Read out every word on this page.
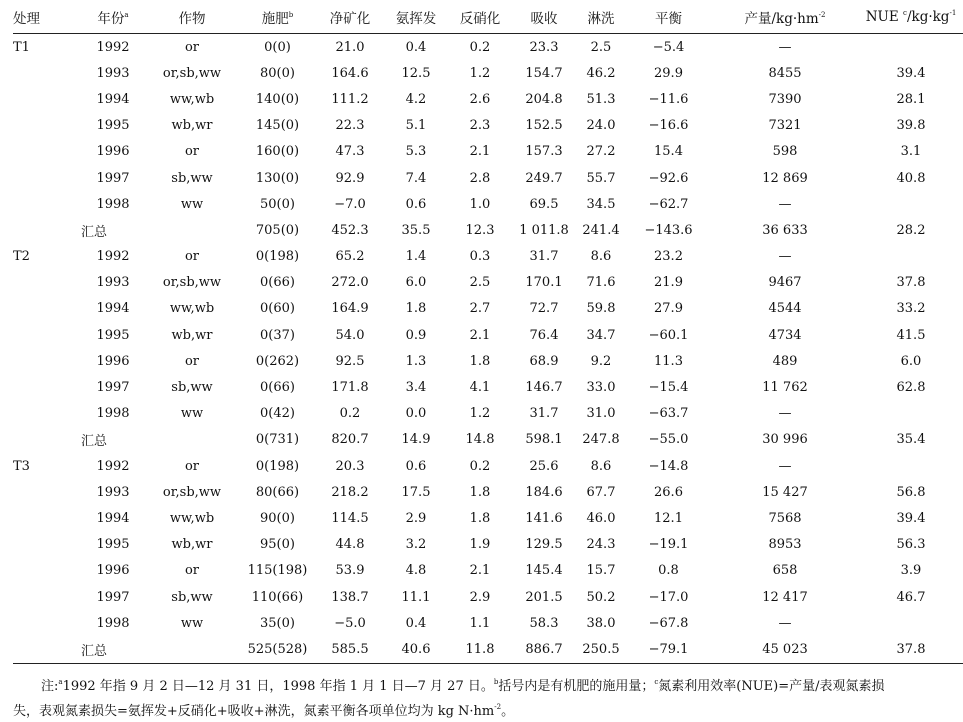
处理	年份$^a$	作物	施肥$^b$	净矿化	氨挥发	反硝化	吸收	淋洗	平衡	产量$/kg\cdot hm^{-2}$	NUE $^c/kg\cdot kg^{-1}$
T1	1992	or	0(0)	21.0	0.4	0.2	23.3	2.5	−5.4	—	
	1993	or,sb,ww	80(0)	164.6	12.5	1.2	154.7	46.2	29.9	8455	39.4
	1994	ww,wb	140(0)	111.2	4.2	2.6	204.8	51.3	−11.6	7390	28.1
	1995	wb,wr	145(0)	22.3	5.1	2.3	152.5	24.0	−16.6	7321	39.8
	1996	or	160(0)	47.3	5.3	2.1	157.3	27.2	15.4	598	3.1
	1997	sb,ww	130(0)	92.9	7.4	2.8	249.7	55.7	−92.6	12 869	40.8
	1998	ww	50(0)	−7.0	0.6	1.0	69.5	34.5	−62.7	—	
	汇总		705(0)	452.3	35.5	12.3	1 011.8	241.4	−143.6	36 633	28.2
T2	1992	or	0(198)	65.2	1.4	0.3	31.7	8.6	23.2	—	
	1993	or,sb,ww	0(66)	272.0	6.0	2.5	170.1	71.6	21.9	9467	37.8
	1994	ww,wb	0(60)	164.9	1.8	2.7	72.7	59.8	27.9	4544	33.2
	1995	wb,wr	0(37)	54.0	0.9	2.1	76.4	34.7	−60.1	4734	41.5
	1996	or	0(262)	92.5	1.3	1.8	68.9	9.2	11.3	489	6.0
	1997	sb,ww	0(66)	171.8	3.4	4.1	146.7	33.0	−15.4	11 762	62.8
	1998	ww	0(42)	0.2	0.0	1.2	31.7	31.0	−63.7	—	
	汇总		0(731)	820.7	14.9	14.8	598.1	247.8	−55.0	30 996	35.4
T3	1992	or	0(198)	20.3	0.6	0.2	25.6	8.6	−14.8	—	
	1993	or,sb,ww	80(66)	218.2	17.5	1.8	184.6	67.7	26.6	15 427	56.8
	1994	ww,wb	90(0)	114.5	2.9	1.8	141.6	46.0	12.1	7568	39.4
	1995	wb,wr	95(0)	44.8	3.2	1.9	129.5	24.3	−19.1	8953	56.3
	1996	or	115(198)	53.9	4.8	2.1	145.4	15.7	0.8	658	3.9
	1997	sb,ww	110(66)	138.7	11.1	2.9	201.5	50.2	−17.0	12 417	46.7
	1998	ww	35(0)	−5.0	0.4	1.1	58.3	38.0	−67.8	—	
	汇总		525(528)	585.5	40.6	11.8	886.7	250.5	−79.1	45 023	37.8

注:$^a$1992 年指 9 月 2 日—12 月 31 日，1998 年指 1 月 1 日—7 月 27 日。$^b$括号内是有机肥的施用量；$^c$氮素利用效率(NUE)=产量/表观氮素损

失，表观氮素损失=氨挥发+反硝化+吸收+淋洗，氮素平衡各项单位均为 kg $N\cdot hm^{-2}$。
